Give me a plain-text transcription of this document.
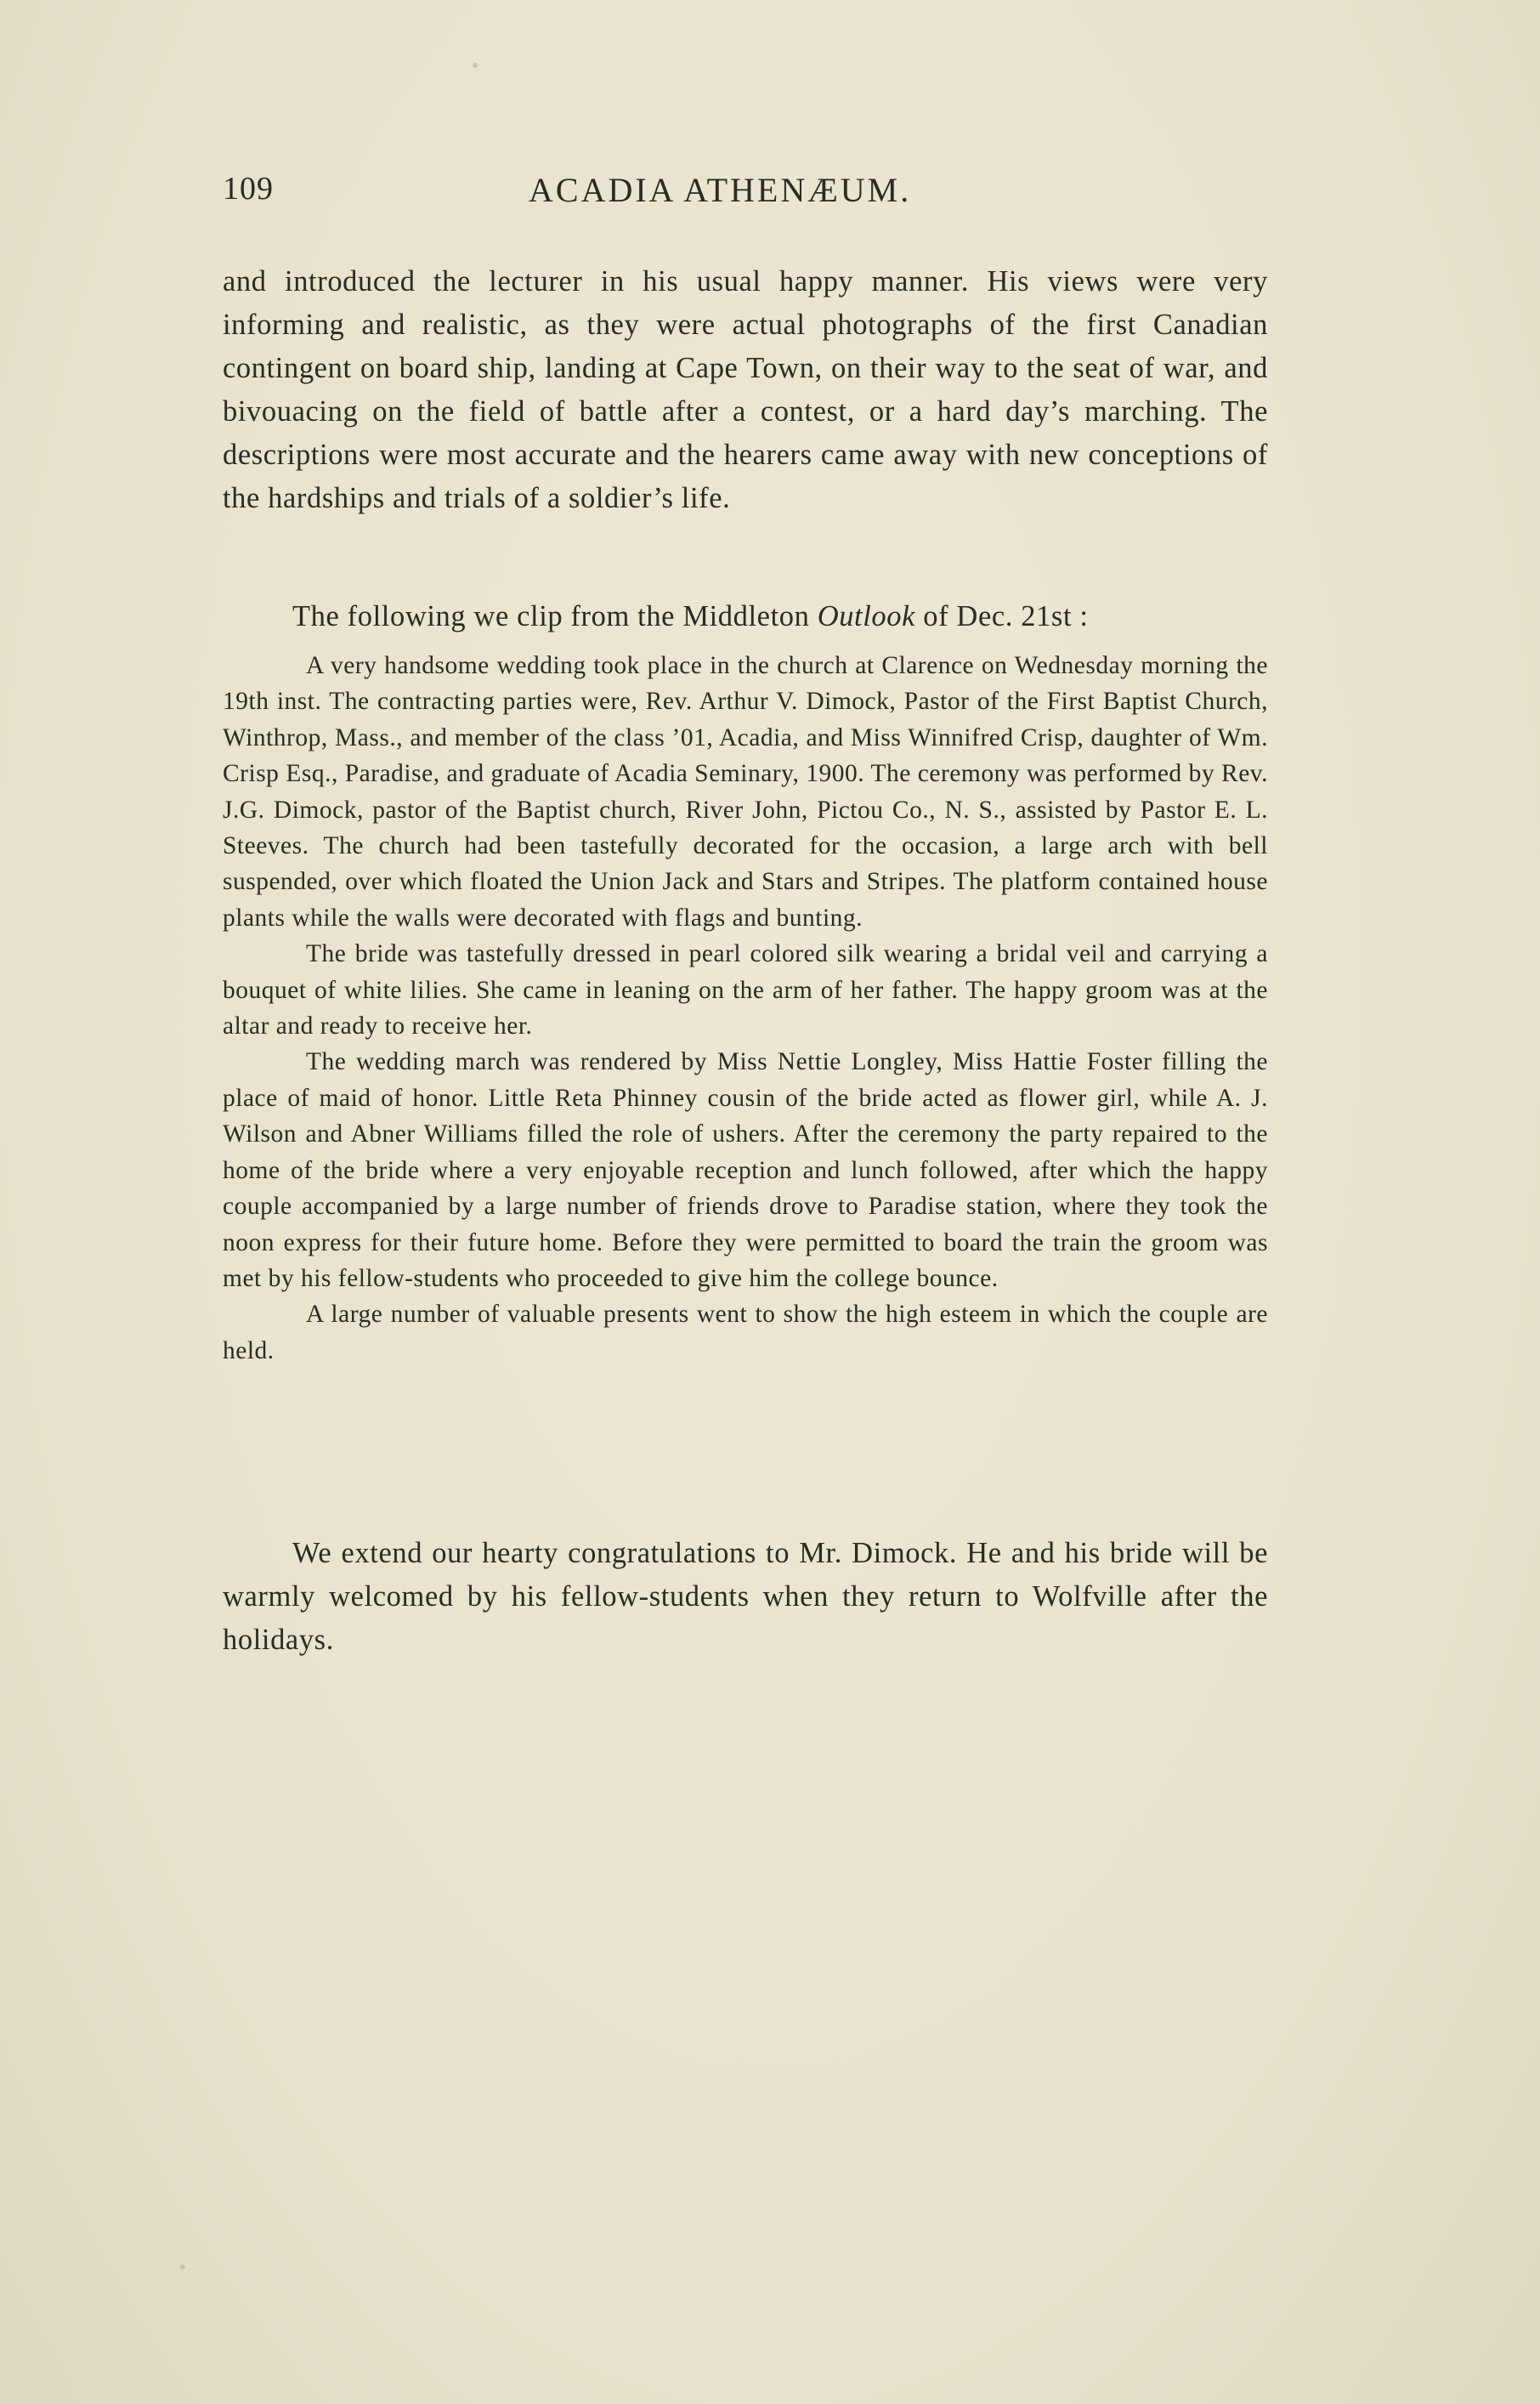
109	ACADIA ATHENÆUM.

and introduced the lecturer in his usual happy manner. His views were very informing and realistic, as they were actual photographs of the first Canadian contingent on board ship, landing at Cape Town, on their way to the seat of war, and bivouacing on the field of battle after a contest, or a hard day’s marching. The descriptions were most accurate and the hearers came away with new conceptions of the hardships and trials of a soldier’s life.

The following we clip from the Middleton Outlook of Dec. 21st :

A very handsome wedding took place in the church at Clarence on Wednesday morning the 19th inst. The contracting parties were, Rev. Arthur V. Dimock, Pastor of the First Baptist Church, Winthrop, Mass., and member of the class ’01, Acadia, and Miss Winnifred Crisp, daughter of Wm. Crisp Esq., Paradise, and graduate of Acadia Seminary, 1900. The ceremony was performed by Rev. J.G. Dimock, pastor of the Baptist church, River John, Pictou Co., N. S., assisted by Pastor E. L. Steeves. The church had been tastefully decorated for the occasion, a large arch with bell suspended, over which floated the Union Jack and Stars and Stripes. The platform contained house plants while the walls were decorated with flags and bunting.

The bride was tastefully dressed in pearl colored silk wearing a bridal veil and carrying a bouquet of white lilies. She came in leaning on the arm of her father. The happy groom was at the altar and ready to receive her.

The wedding march was rendered by Miss Nettie Longley, Miss Hattie Foster filling the place of maid of honor. Little Reta Phinney cousin of the bride acted as flower girl, while A. J. Wilson and Abner Williams filled the role of ushers. After the ceremony the party repaired to the home of the bride where a very enjoyable reception and lunch followed, after which the happy couple accompanied by a large number of friends drove to Paradise station, where they took the noon express for their future home. Before they were permitted to board the train the groom was met by his fellow-students who proceeded to give him the college bounce.

A large number of valuable presents went to show the high esteem in which the couple are held.

We extend our hearty congratulations to Mr. Dimock. He and his bride will be warmly welcomed by his fellow-students when they return to Wolfville after the holidays.
